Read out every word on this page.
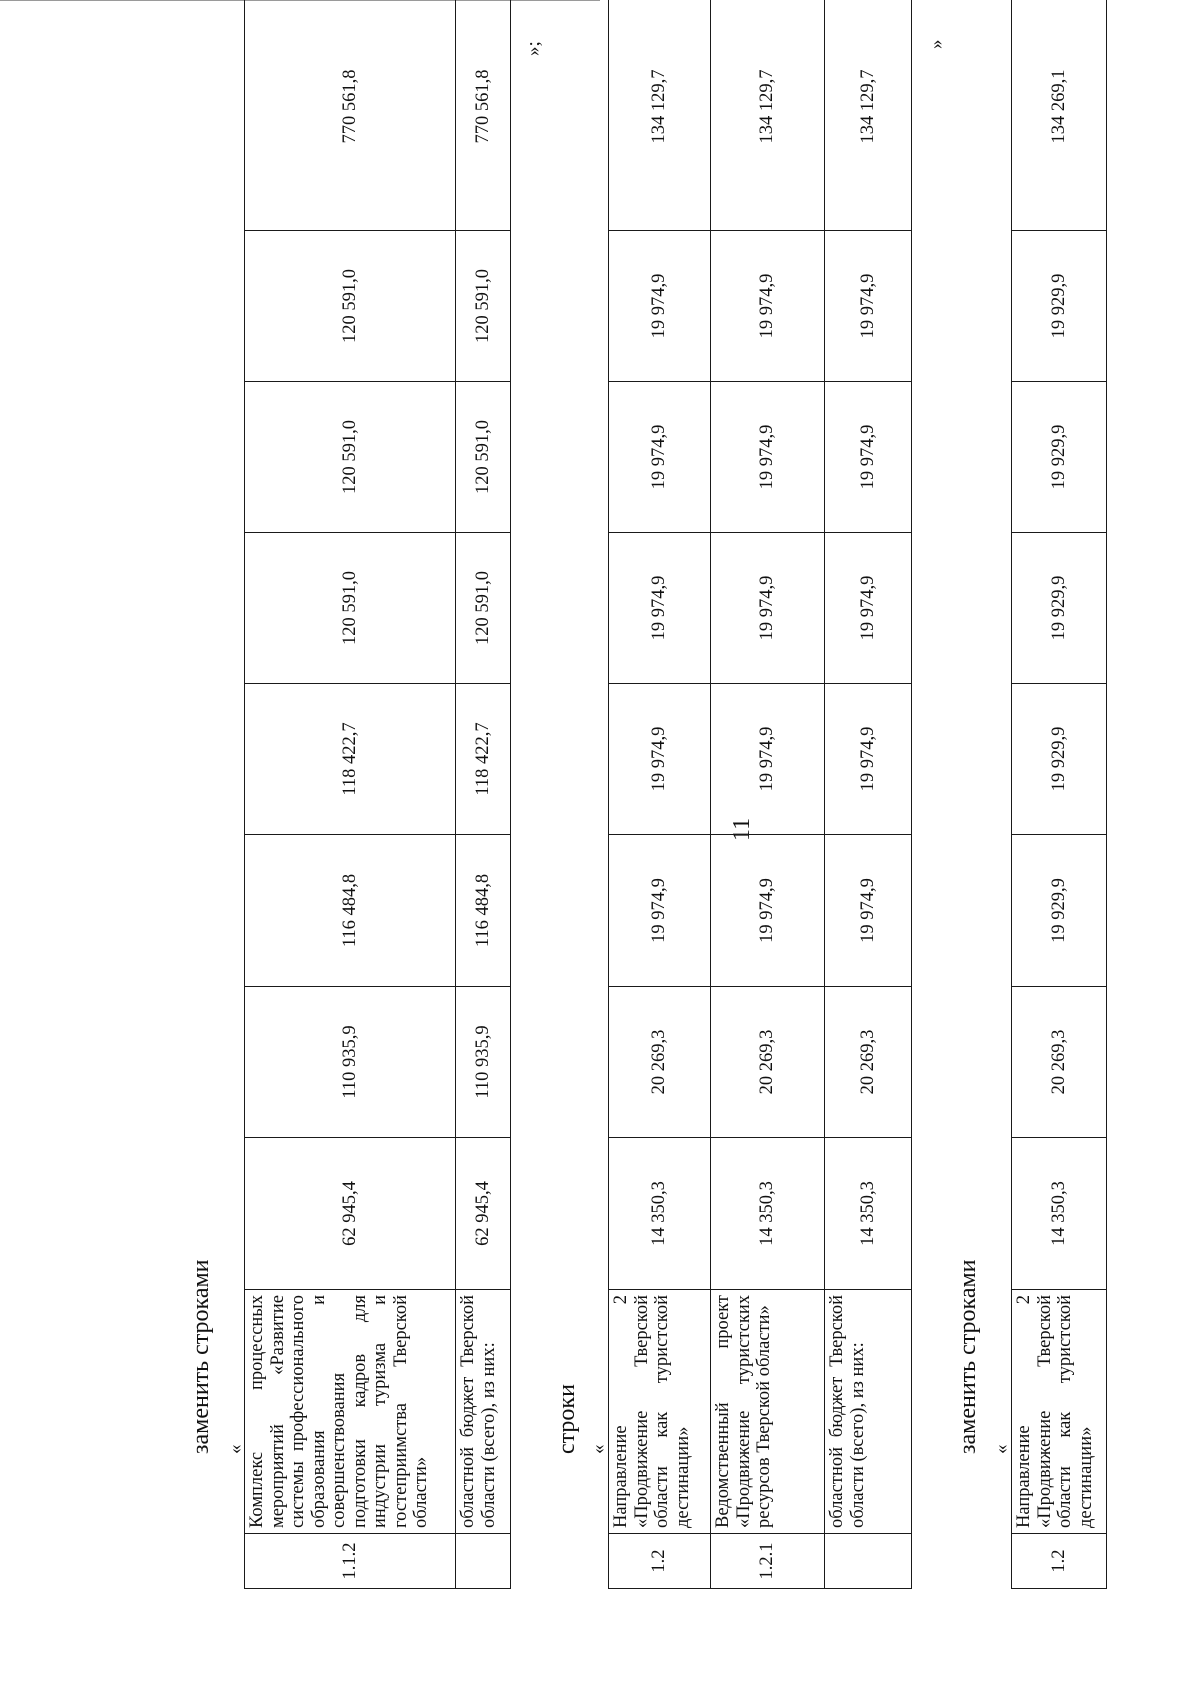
11
заменить строками «
1.1.2	Комплекс процессных мероприятий «Развитие системы профессионального образования и совершенствования подготовки кадров для индустрии туризма и гостеприимства Тверской области»	62 945,4	110 935,9	116 484,8	118 422,7	120 591,0	120 591,0	120 591,0	770 561,8
	областной бюджет Тверской области (всего), из них:	62 945,4	110 935,9	116 484,8	118 422,7	120 591,0	120 591,0	120 591,0	770 561,8
»;
строки «
1.2	Направление 2 «Продвижение Тверской области как туристской дестинации»	14 350,3	20 269,3	19 974,9	19 974,9	19 974,9	19 974,9	19 974,9	134 129,7
1.2.1	Ведомственный проект «Продвижение туристских ресурсов Тверской области»	14 350,3	20 269,3	19 974,9	19 974,9	19 974,9	19 974,9	19 974,9	134 129,7
	областной бюджет Тверской области (всего), из них:	14 350,3	20 269,3	19 974,9	19 974,9	19 974,9	19 974,9	19 974,9	134 129,7
»
заменить строками «
1.2	Направление 2 «Продвижение Тверской области как туристской дестинации»	14 350,3	20 269,3	19 929,9	19 929,9	19 929,9	19 929,9	19 929,9	134 269,1
